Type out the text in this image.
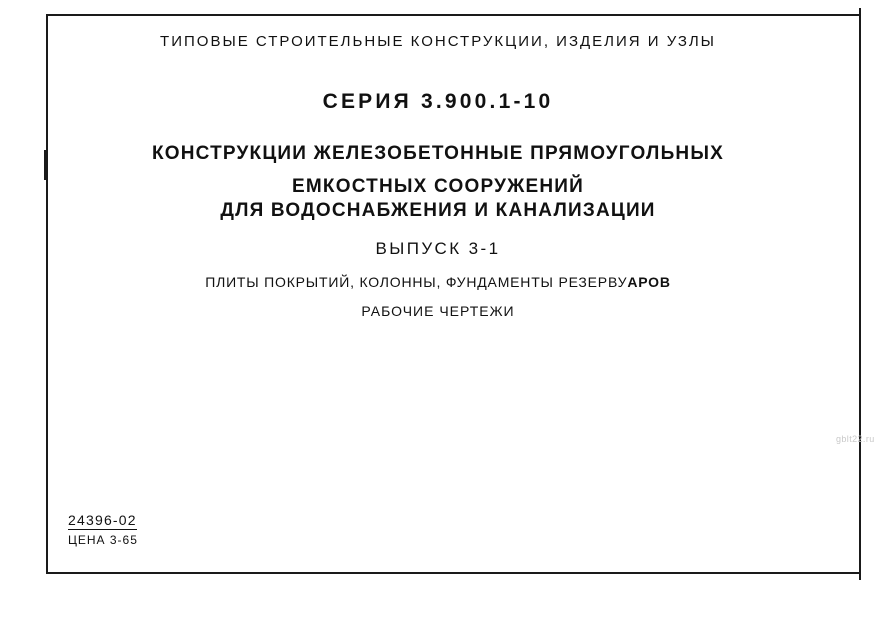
ТИПОВЫЕ СТРОИТЕЛЬНЫЕ КОНСТРУКЦИИ, ИЗДЕЛИЯ И УЗЛЫ
СЕРИЯ 3.900.1-10
КОНСТРУКЦИИ ЖЕЛЕЗОБЕТОННЫЕ ПРЯМОУГОЛЬНЫХ
ЕМКОСТНЫХ СООРУЖЕНИЙ
ДЛЯ ВОДОСНАБЖЕНИЯ И КАНАЛИЗАЦИИ
ВЫПУСК 3-1
ПЛИТЫ ПОКРЫТИЙ, КОЛОННЫ, ФУНДАМЕНТЫ РЕЗЕРВУАРОВ
РАБОЧИЕ ЧЕРТЕЖИ
24396-02
ЦЕНА 3-65
gblt22.ru
